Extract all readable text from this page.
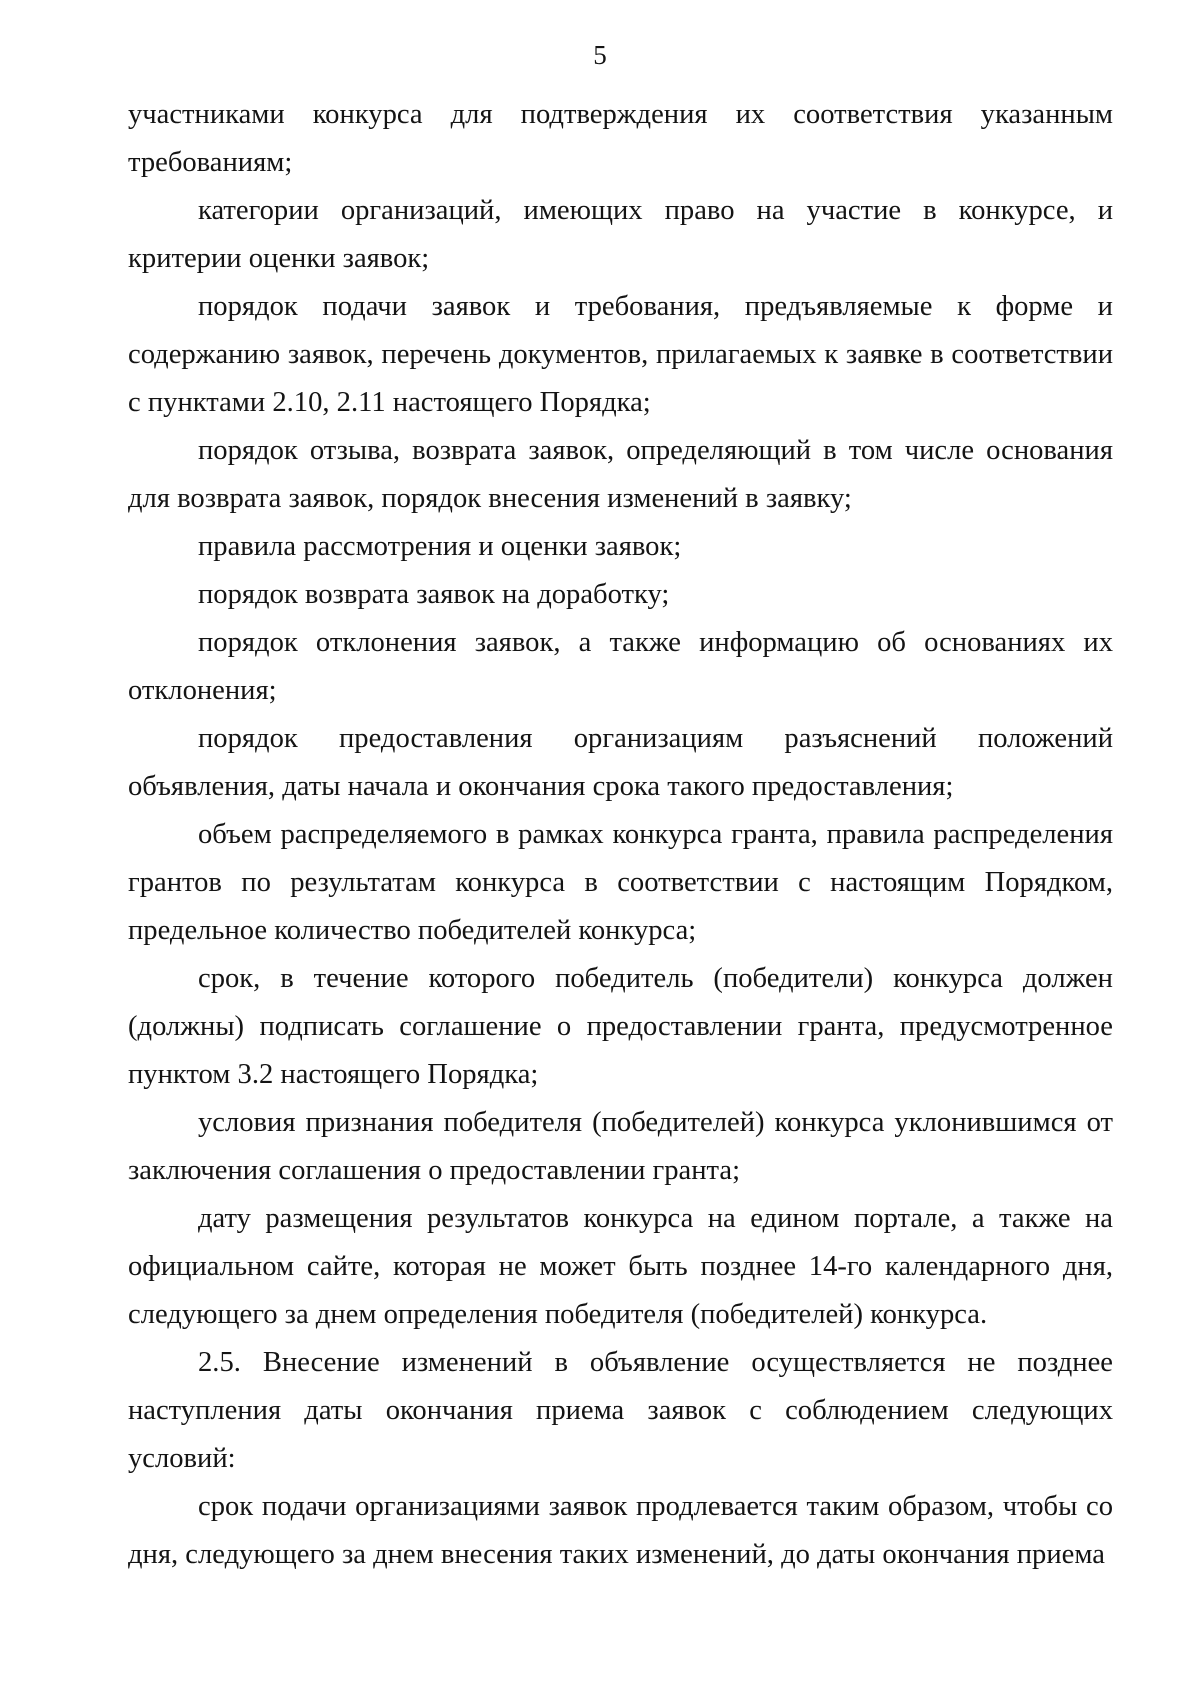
5

участниками конкурса для подтверждения их соответствия указанным требованиям;

категории организаций, имеющих право на участие в конкурсе, и критерии оценки заявок;

порядок подачи заявок и требования, предъявляемые к форме и содержанию заявок, перечень документов, прилагаемых к заявке в соответствии с пунктами 2.10, 2.11 настоящего Порядка;

порядок отзыва, возврата заявок, определяющий в том числе основания для возврата заявок, порядок внесения изменений в заявку;

правила рассмотрения и оценки заявок;

порядок возврата заявок на доработку;

порядок отклонения заявок, а также информацию об основаниях их отклонения;

порядок предоставления организациям разъяснений положений объявления, даты начала и окончания срока такого предоставления;

объем распределяемого в рамках конкурса гранта, правила распределения грантов по результатам конкурса в соответствии с настоящим Порядком, предельное количество победителей конкурса;

срок, в течение которого победитель (победители) конкурса должен (должны) подписать соглашение о предоставлении гранта, предусмотренное пунктом 3.2 настоящего Порядка;

условия признания победителя (победителей) конкурса уклонившимся от заключения соглашения о предоставлении гранта;

дату размещения результатов конкурса на едином портале, а также на официальном сайте, которая не может быть позднее 14-го календарного дня, следующего за днем определения победителя (победителей) конкурса.

2.5. Внесение изменений в объявление осуществляется не позднее наступления даты окончания приема заявок с соблюдением следующих условий:

срок подачи организациями заявок продлевается таким образом, чтобы со дня, следующего за днем внесения таких изменений, до даты окончания приема
